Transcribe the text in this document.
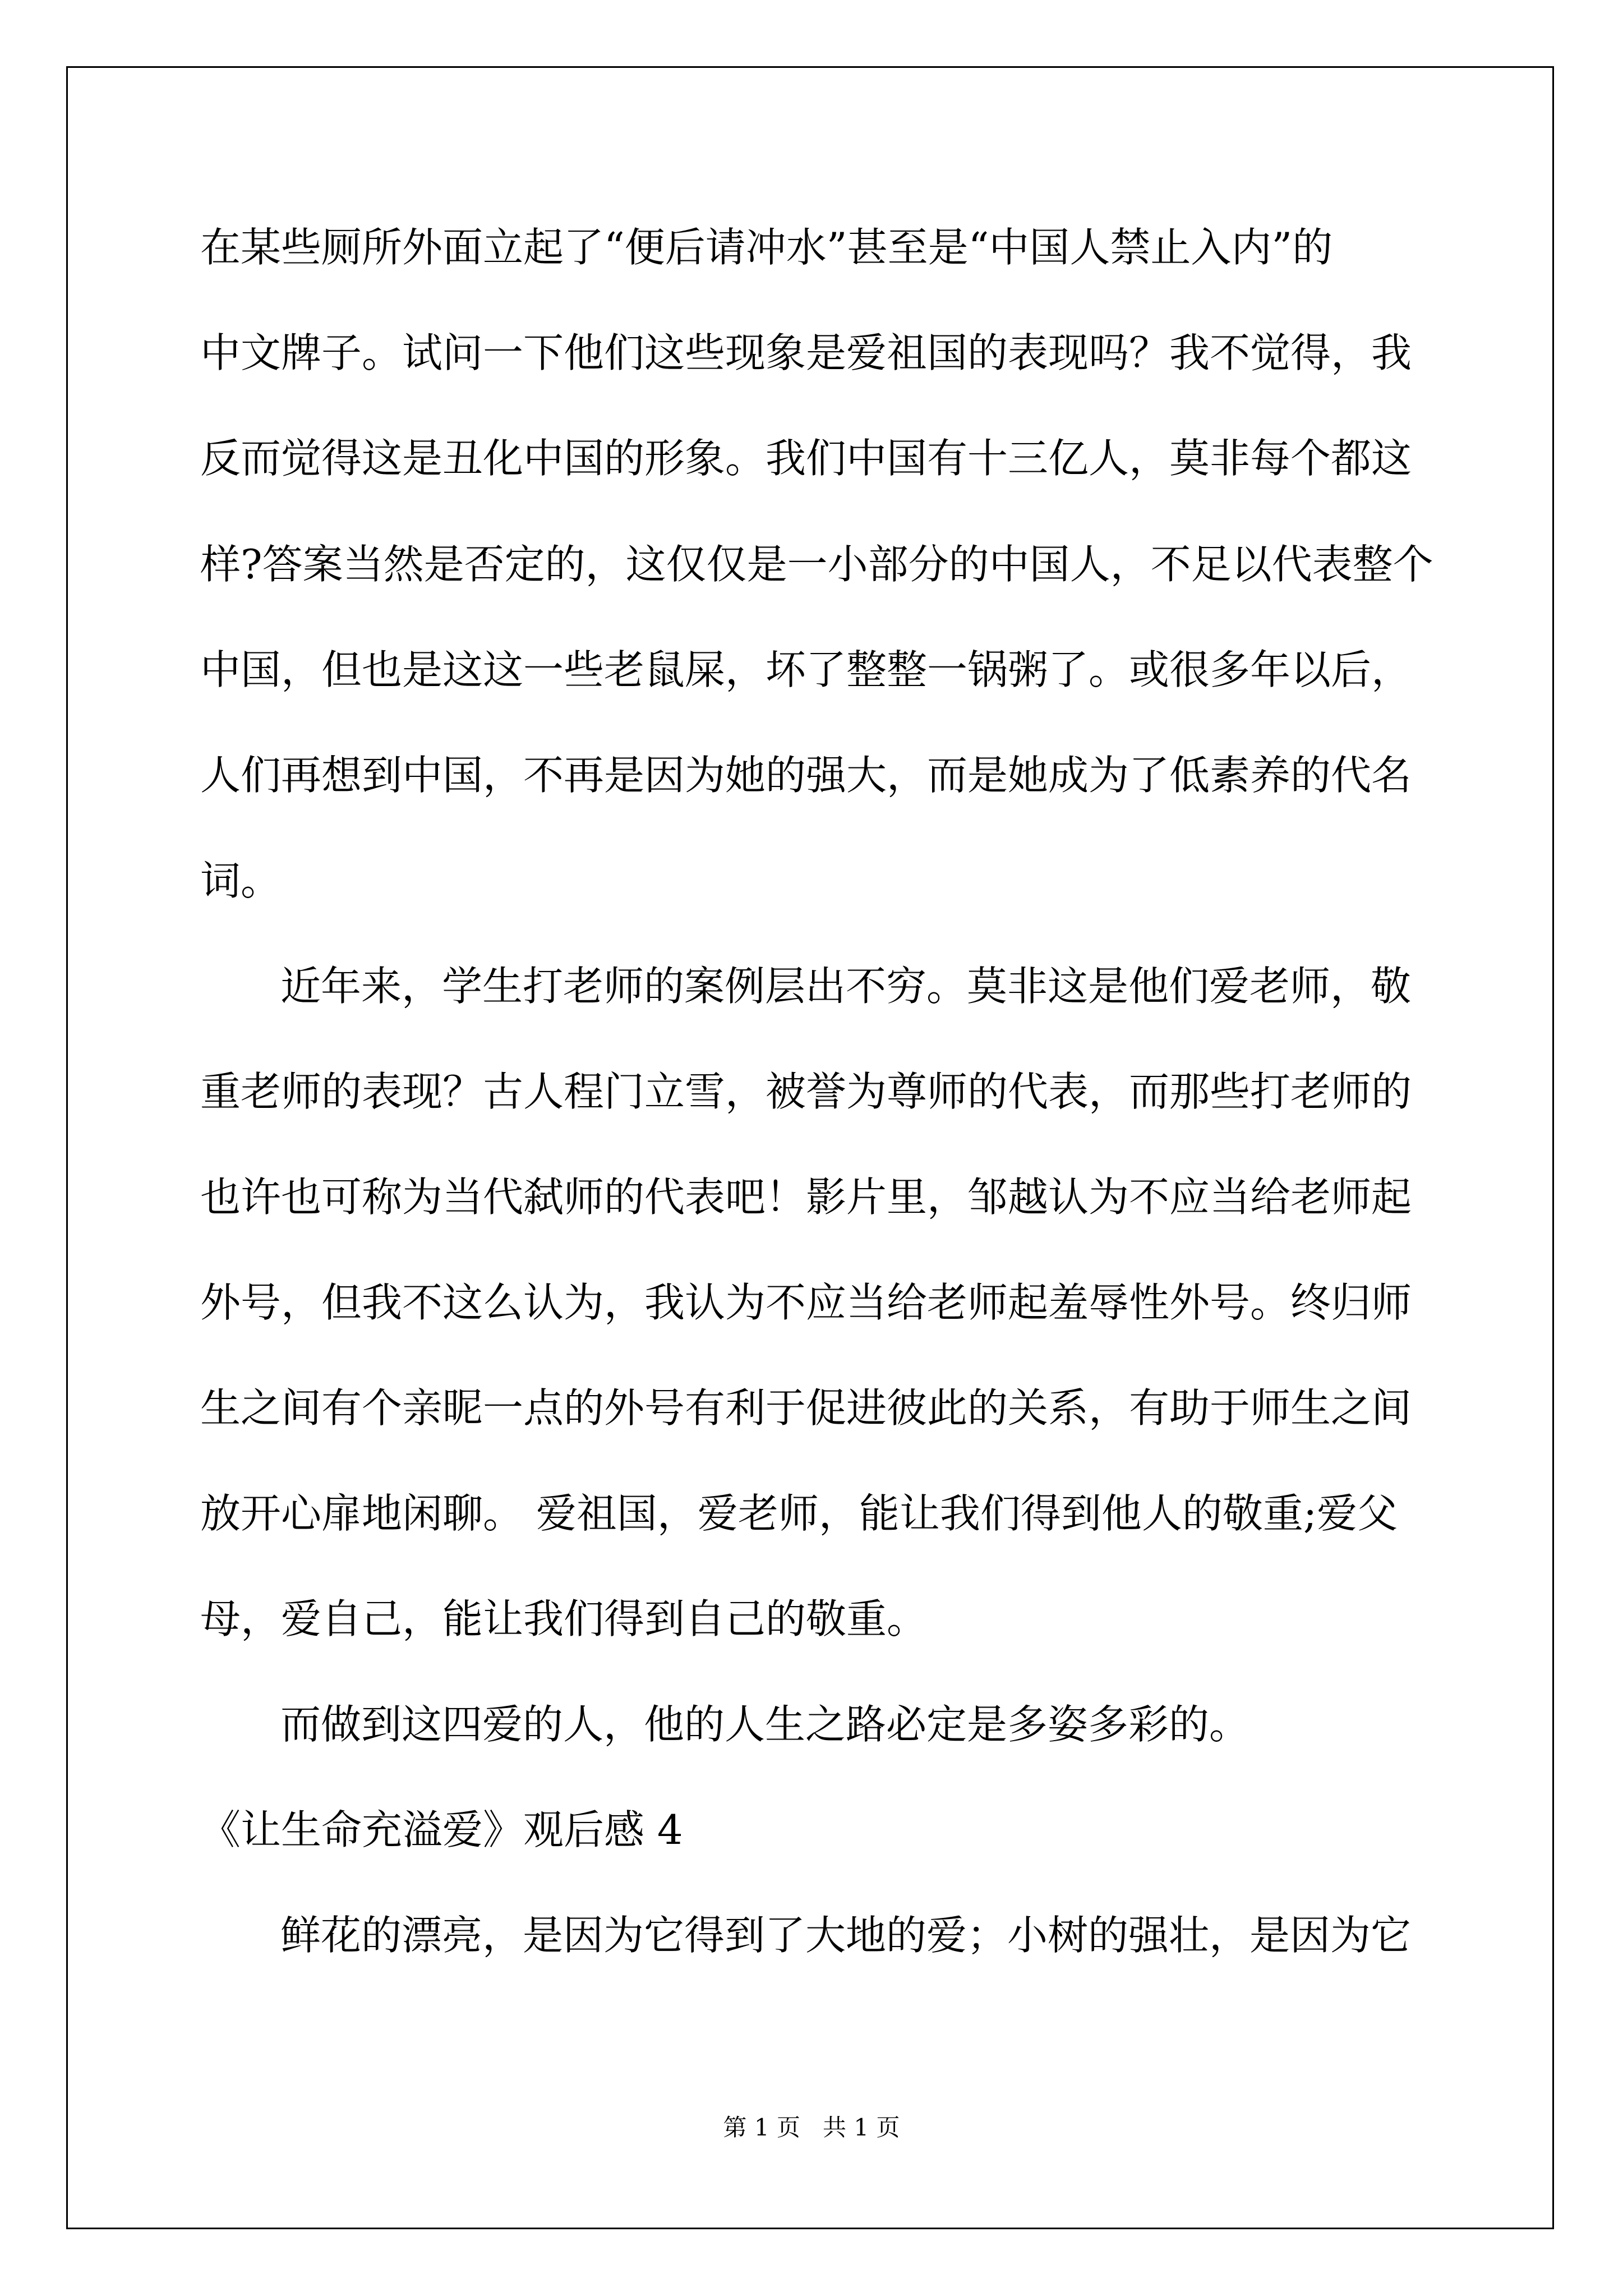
在某些厕所外面立起了“便后请冲水”甚至是“中国人禁止入内”的

中文牌子。试问一下他们这些现象是爱祖国的表现吗？我不觉得，我

反而觉得这是丑化中国的形象。我们中国有十三亿人，莫非每个都这

样?答案当然是否定的，这仅仅是一小部分的中国人，不足以代表整个

中国，但也是这这一些老鼠屎，坏了整整一锅粥了。或很多年以后，

人们再想到中国，不再是因为她的强大，而是她成为了低素养的代名

词。

近年来，学生打老师的案例层出不穷。莫非这是他们爱老师，敬

重老师的表现？古人程门立雪，被誉为尊师的代表，而那些打老师的

也许也可称为当代弑师的代表吧！影片里，邹越认为不应当给老师起

外号，但我不这么认为，我认为不应当给老师起羞辱性外号。终归师

生之间有个亲昵一点的外号有利于促进彼此的关系，有助于师生之间

放开心扉地闲聊。 爱祖国，爱老师，能让我们得到他人的敬重;爱父

母，爱自己，能让我们得到自己的敬重。

而做到这四爱的人，他的人生之路必定是多姿多彩的。

《让生命充溢爱》观后感 4

鲜花的漂亮，是因为它得到了大地的爱；小树的强壮，是因为它

第 1 页   共 1 页
